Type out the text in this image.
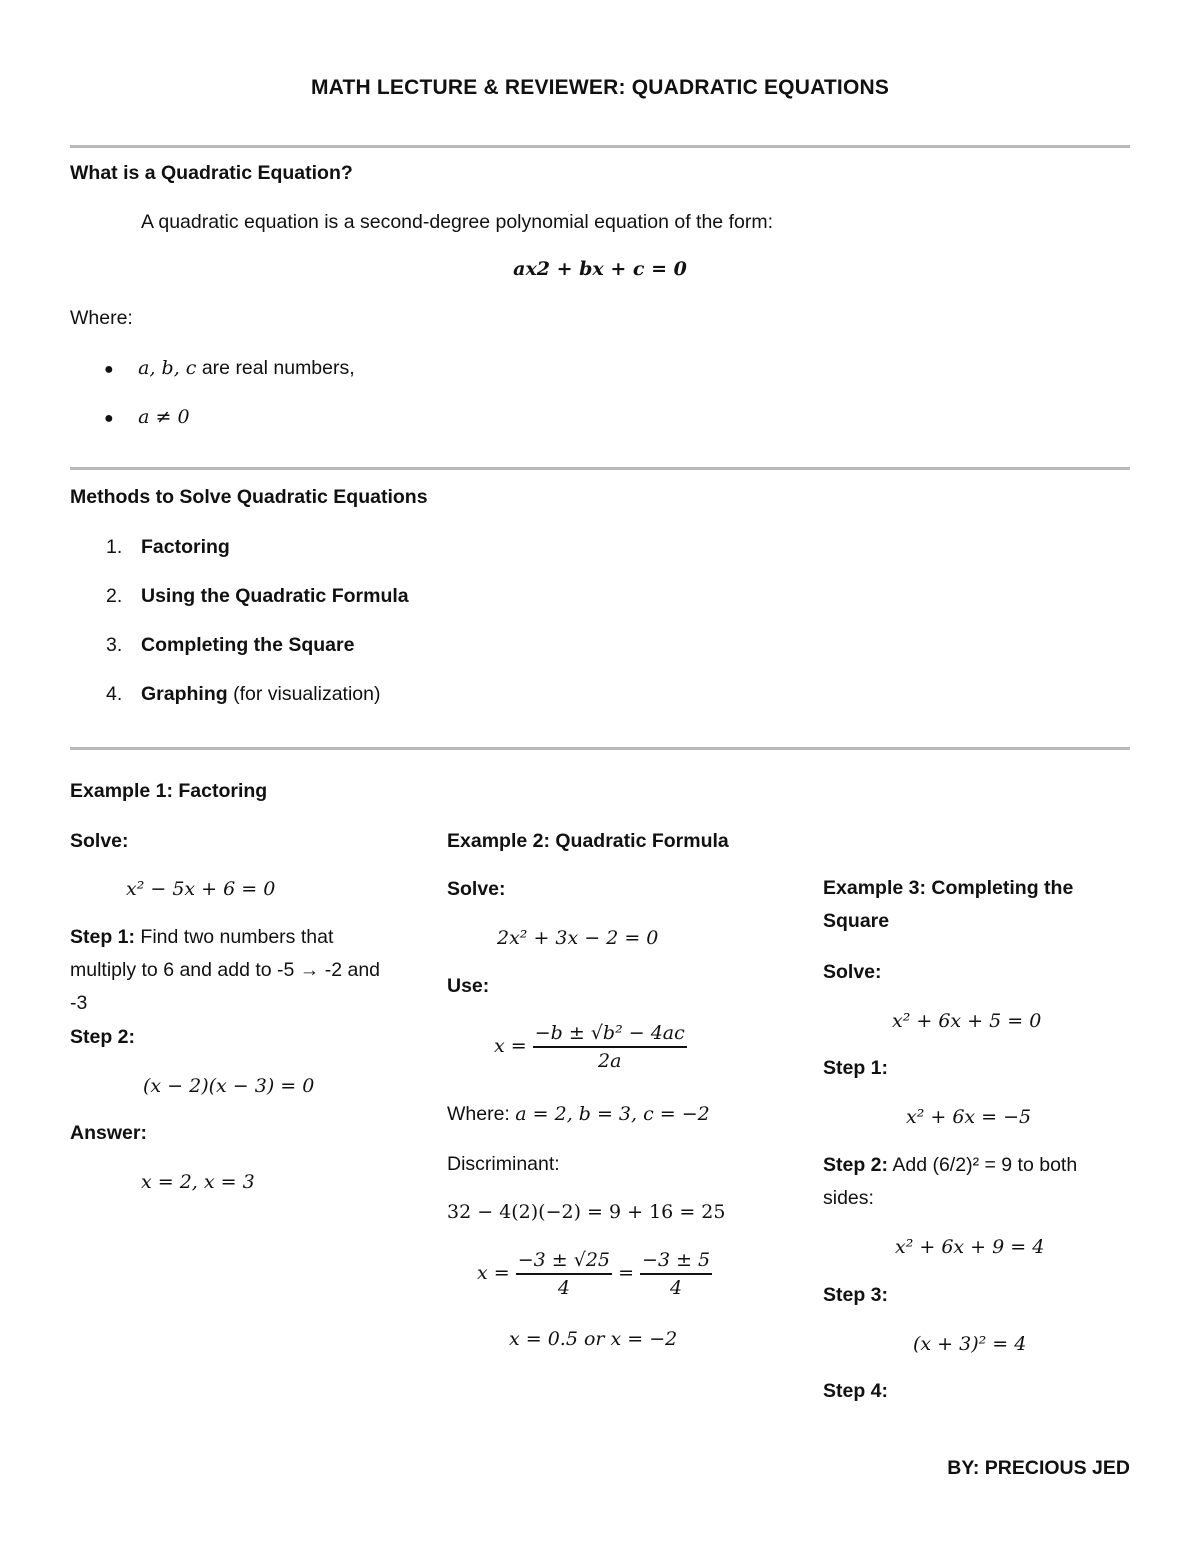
MATH LECTURE & REVIEWER: QUADRATIC EQUATIONS
What is a Quadratic Equation?
A quadratic equation is a second-degree polynomial equation of the form:
ax2 + bx + c = 0
Where:
● a, b, c are real numbers,
● a ≠ 0
Methods to Solve Quadratic Equations
1. Factoring
2. Using the Quadratic Formula
3. Completing the Square
4. Graphing (for visualization)
Example 1: Factoring
Solve:
x² − 5x + 6 = 0
Step 1: Find two numbers that multiply to 6 and add to -5 → -2 and -3
Step 2:
(x − 2)(x − 3) = 0
Answer:
x = 2, x = 3
Example 2: Quadratic Formula
Solve:
2x² + 3x − 2 = 0
Use:
$x = \frac{\text{−b ± √b² − 4ac}}{2a}$
Where: a = 2, b = 3, c = −2
Discriminant:
32 − 4(2)(−2) = 9 + 16 = 25
$x = \frac{-3 \pm √25}{4} = \frac{-3 \pm 5}{4}$
x = 0.5 or x = −2
Example 3: Completing the Square
Solve:
x² + 6x + 5 = 0
Step 1:
x² + 6x = −5
Step 2: Add (6/2)² = 9 to both sides:
x² + 6x + 9 = 4
Step 3:
(x + 3)² = 4
Step 4:
BY: PRECIOUS JED
